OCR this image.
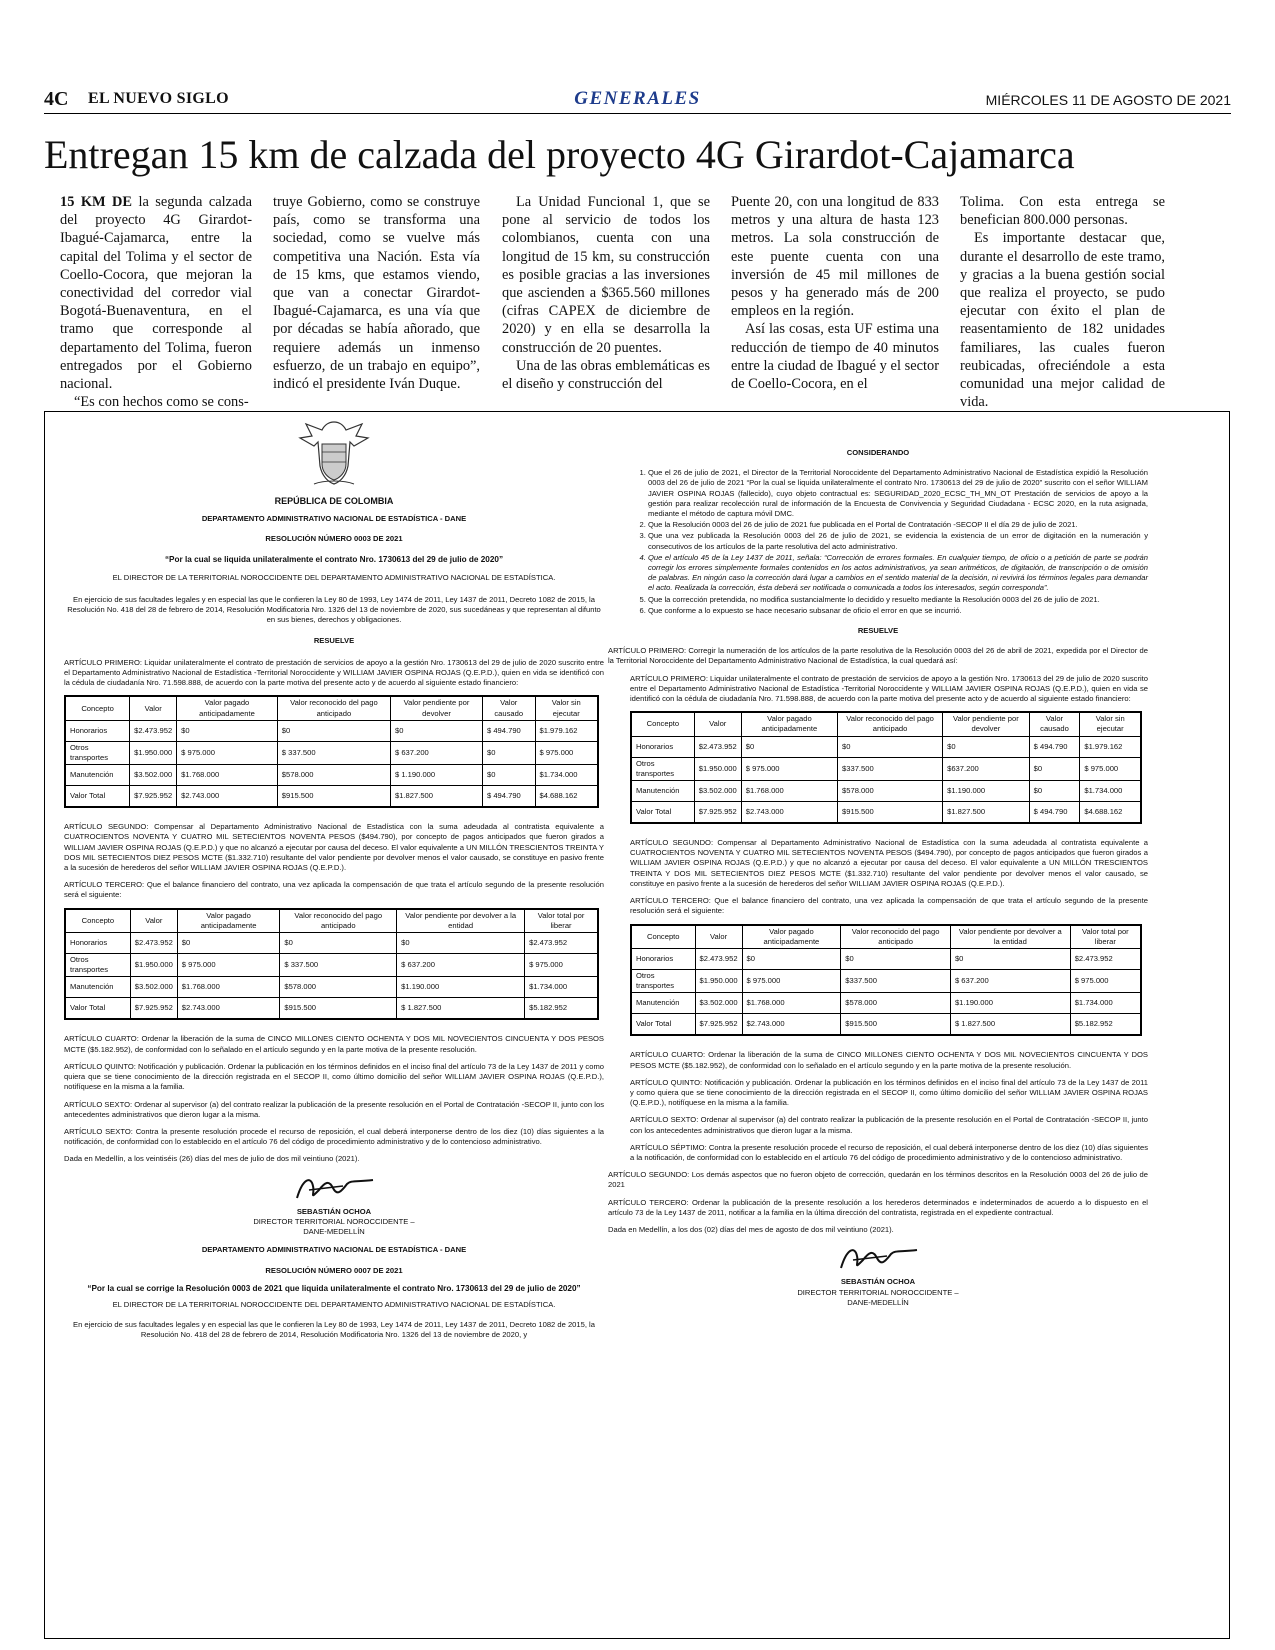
4C EL NUEVO SIGLO	GENERALES	MIÉRCOLES 11 DE AGOSTO DE 2021
Entregan 15 km de calzada del proyecto 4G Girardot-Cajamarca

15 KM DE la segunda calzada del proyecto 4G Girardot-Ibagué-Cajamarca, entre la capital del Tolima y el sector de Coello-Cocora, que mejoran la conectividad del corredor vial Bogotá-Buenaventura, en el tramo que corresponde al departamento del Tolima, fueron entregados por el Gobierno nacional.

“Es con hechos como se cons-

truye Gobierno, como se construye país, como se transforma una sociedad, como se vuelve más competitiva una Nación. Esta vía de 15 kms, que estamos viendo, que van a conectar Girardot-Ibagué-Cajamarca, es una vía que por décadas se había añorado, que requiere además un inmenso esfuerzo, de un trabajo en equipo”, indicó el presidente Iván Duque.

La Unidad Funcional 1, que se pone al servicio de todos los colombianos, cuenta con una longitud de 15 km, su construcción es posible gracias a las inversiones que ascienden a $365.560 millones (cifras CAPEX de diciembre de 2020) y en ella se desarrolla la construcción de 20 puentes.

Una de las obras emblemáticas es el diseño y construcción del

Puente 20, con una longitud de 833 metros y una altura de hasta 123 metros. La sola construcción de este puente cuenta con una inversión de 45 mil millones de pesos y ha generado más de 200 empleos en la región.

Así las cosas, esta UF estima una reducción de tiempo de 40 minutos entre la ciudad de Ibagué y el sector de Coello-Cocora, en el

Tolima. Con esta entrega se benefician 800.000 personas.

Es importante destacar que, durante el desarrollo de este tramo, y gracias a la buena gestión social que realiza el proyecto, se pudo ejecutar con éxito el plan de reasentamiento de 182 unidades familiares, las cuales fueron reubicadas, ofreciéndole a esta comunidad una mejor calidad de vida.

REPÚBLICA DE COLOMBIA
DEPARTAMENTO ADMINISTRATIVO NACIONAL DE ESTADÍSTICA - DANE
RESOLUCIÓN NÚMERO 0003 DE 2021
“Por la cual se liquida unilateralmente el contrato Nro. 1730613 del 29 de julio de 2020”
EL DIRECTOR DE LA TERRITORIAL NOROCCIDENTE DEL DEPARTAMENTO ADMINISTRATIVO NACIONAL DE ESTADÍSTICA.

En ejercicio de sus facultades legales y en especial las que le confieren la Ley 80 de 1993, Ley 1474 de 2011, Ley 1437 de 2011, Decreto 1082 de 2015, la Resolución No. 418 del 28 de febrero de 2014, Resolución Modificatoria Nro. 1326 del 13 de noviembre de 2020, sus sucedáneas y que representan al difunto en sus bienes, derechos y obligaciones.

RESUELVE

ARTÍCULO PRIMERO: Liquidar unilateralmente el contrato de prestación de servicios de apoyo a la gestión Nro. 1730613 del 29 de julio de 2020 suscrito entre el Departamento Administrativo Nacional de Estadística -Territorial Noroccidente y WILLIAM JAVIER OSPINA ROJAS (Q.E.P.D.), quien en vida se identificó con la cédula de ciudadanía Nro. 71.598.888, de acuerdo con la parte motiva del presente acto y de acuerdo al siguiente estado financiero:

Concepto	Valor	Valor pagado anticipadamente	Valor reconocido del pago anticipado	Valor pendiente por devolver	Valor causado	Valor sin ejecutar
Honorarios	$2.473.952	$0	$0	$0	$ 494.790	$1.979.162
Otros transportes	$1.950.000	$ 975.000	$ 337.500	$ 637.200	$0	$ 975.000
Manutención	$3.502.000	$1.768.000	$578.000	$ 1.190.000	$0	$1.734.000
Valor Total	$7.925.952	$2.743.000	$915.500	$1.827.500	$ 494.790	$4.688.162

ARTÍCULO SEGUNDO: Compensar al Departamento Administrativo Nacional de Estadística con la suma adeudada al contratista equivalente a CUATROCIENTOS NOVENTA Y CUATRO MIL SETECIENTOS NOVENTA PESOS ($494.790), por concepto de pagos anticipados que fueron girados a WILLIAM JAVIER OSPINA ROJAS (Q.E.P.D.) y que no alcanzó a ejecutar por causa del deceso. El valor equivalente a UN MILLÓN TRESCIENTOS TREINTA Y DOS MIL SETECIENTOS DIEZ PESOS MCTE ($1.332.710) resultante del valor pendiente por devolver menos el valor causado, se constituye en pasivo frente a la sucesión de herederos del señor WILLIAM JAVIER OSPINA ROJAS (Q.E.P.D.).

ARTÍCULO TERCERO: Que el balance financiero del contrato, una vez aplicada la compensación de que trata el artículo segundo de la presente resolución será el siguiente:

Concepto	Valor	Valor pagado anticipadamente	Valor reconocido del pago anticipado	Valor pendiente por devolver a la entidad	Valor total por liberar
Honorarios	$2.473.952	$0	$0	$0	$2.473.952
Otros transportes	$1.950.000	$ 975.000	$ 337.500	$ 637.200	$ 975.000
Manutención	$3.502.000	$1.768.000	$578.000	$1.190.000	$1.734.000
Valor Total	$7.925.952	$2.743.000	$915.500	$ 1.827.500	$5.182.952

ARTÍCULO CUARTO: Ordenar la liberación de la suma de CINCO MILLONES CIENTO OCHENTA Y DOS MIL NOVECIENTOS CINCUENTA Y DOS PESOS MCTE ($5.182.952), de conformidad con lo señalado en el artículo segundo y en la parte motiva de la presente resolución.

ARTÍCULO QUINTO: Notificación y publicación. Ordenar la publicación en los términos definidos en el inciso final del artículo 73 de la Ley 1437 de 2011 y como quiera que se tiene conocimiento de la dirección registrada en el SECOP II, como último domicilio del señor WILLIAM JAVIER OSPINA ROJAS (Q.E.P.D.), notifíquese en la misma a la familia.

ARTÍCULO SEXTO: Ordenar al supervisor (a) del contrato realizar la publicación de la presente resolución en el Portal de Contratación -SECOP II, junto con los antecedentes administrativos que dieron lugar a la misma.

ARTÍCULO SEXTO: Contra la presente resolución procede el recurso de reposición, el cual deberá interponerse dentro de los diez (10) días siguientes a la notificación, de conformidad con lo establecido en el artículo 76 del código de procedimiento administrativo y de lo contencioso administrativo.

Dada en Medellín, a los veintiséis (26) días del mes de julio de dos mil veintiuno (2021).

SEBASTIÁN OCHOA
DIRECTOR TERRITORIAL NOROCCIDENTE –
DANE-MEDELLÍN
DEPARTAMENTO ADMINISTRATIVO NACIONAL DE ESTADÍSTICA - DANE
RESOLUCIÓN NÚMERO 0007 DE 2021
“Por la cual se corrige la Resolución 0003 de 2021 que liquida unilateralmente el contrato Nro. 1730613 del 29 de julio de 2020”
EL DIRECTOR DE LA TERRITORIAL NOROCCIDENTE DEL DEPARTAMENTO ADMINISTRATIVO NACIONAL DE ESTADÍSTICA.

En ejercicio de sus facultades legales y en especial las que le confieren la Ley 80 de 1993, Ley 1474 de 2011, Ley 1437 de 2011, Decreto 1082 de 2015, la Resolución No. 418 del 28 de febrero de 2014, Resolución Modificatoria Nro. 1326 del 13 de noviembre de 2020, y

CONSIDERANDO
1. Que el 26 de julio de 2021, el Director de la Territorial Noroccidente del Departamento Administrativo Nacional de Estadística expidió la Resolución 0003 del 26 de julio de 2021 “Por la cual se liquida unilateralmente el contrato Nro. 1730613 del 29 de julio de 2020” suscrito con el señor WILLIAM JAVIER OSPINA ROJAS (fallecido), cuyo objeto contractual es: SEGURIDAD_2020_ECSC_TH_MN_OT Prestación de servicios de apoyo a la gestión para realizar recolección rural de información de la Encuesta de Convivencia y Seguridad Ciudadana - ECSC 2020, en la ruta asignada, mediante el método de captura móvil DMC.
2. Que la Resolución 0003 del 26 de julio de 2021 fue publicada en el Portal de Contratación -SECOP II el día 29 de julio de 2021.
3. Que una vez publicada la Resolución 0003 del 26 de julio de 2021, se evidencia la existencia de un error de digitación en la numeración y consecutivos de los artículos de la parte resolutiva del acto administrativo.
4. Que el artículo 45 de la Ley 1437 de 2011, señala: “Corrección de errores formales. En cualquier tiempo, de oficio o a petición de parte se podrán corregir los errores simplemente formales contenidos en los actos administrativos, ya sean aritméticos, de digitación, de transcripción o de omisión de palabras. En ningún caso la corrección dará lugar a cambios en el sentido material de la decisión, ni revivirá los términos legales para demandar el acto. Realizada la corrección, ésta deberá ser notificada o comunicada a todos los interesados, según corresponda”.
5. Que la corrección pretendida, no modifica sustancialmente lo decidido y resuelto mediante la Resolución 0003 del 26 de julio de 2021.
6. Que conforme a lo expuesto se hace necesario subsanar de oficio el error en que se incurrió.
RESUELVE

ARTÍCULO PRIMERO: Corregir la numeración de los artículos de la parte resolutiva de la Resolución 0003 del 26 de abril de 2021, expedida por el Director de la Territorial Noroccidente del Departamento Administrativo Nacional de Estadística, la cual quedará así:

ARTÍCULO PRIMERO: Liquidar unilateralmente el contrato de prestación de servicios de apoyo a la gestión Nro. 1730613 del 29 de julio de 2020 suscrito entre el Departamento Administrativo Nacional de Estadística -Territorial Noroccidente y WILLIAM JAVIER OSPINA ROJAS (Q.E.P.D.), quien en vida se identificó con la cédula de ciudadanía Nro. 71.598.888, de acuerdo con la parte motiva del presente acto y de acuerdo al siguiente estado financiero:

Concepto	Valor	Valor pagado anticipadamente	Valor reconocido del pago anticipado	Valor pendiente por devolver	Valor causado	Valor sin ejecutar
Honorarios	$2.473.952	$0	$0	$0	$ 494.790	$1.979.162
Otros transportes	$1.950.000	$ 975.000	$337.500	$637.200	$0	$ 975.000
Manutención	$3.502.000	$1.768.000	$578.000	$1.190.000	$0	$1.734.000
Valor Total	$7.925.952	$2.743.000	$915.500	$1.827.500	$ 494.790	$4.688.162

ARTÍCULO SEGUNDO: Compensar al Departamento Administrativo Nacional de Estadística con la suma adeudada al contratista equivalente a CUATROCIENTOS NOVENTA Y CUATRO MIL SETECIENTOS NOVENTA PESOS ($494.790), por concepto de pagos anticipados que fueron girados a WILLIAM JAVIER OSPINA ROJAS (Q.E.P.D.) y que no alcanzó a ejecutar por causa del deceso. El valor equivalente a UN MILLÓN TRESCIENTOS TREINTA Y DOS MIL SETECIENTOS DIEZ PESOS MCTE ($1.332.710) resultante del valor pendiente por devolver menos el valor causado, se constituye en pasivo frente a la sucesión de herederos del señor WILLIAM JAVIER OSPINA ROJAS (Q.E.P.D.).

ARTÍCULO TERCERO: Que el balance financiero del contrato, una vez aplicada la compensación de que trata el artículo segundo de la presente resolución será el siguiente:

Concepto	Valor	Valor pagado anticipadamente	Valor reconocido del pago anticipado	Valor pendiente por devolver a la entidad	Valor total por liberar
Honorarios	$2.473.952	$0	$0	$0	$2.473.952
Otros transportes	$1.950.000	$ 975.000	$337.500	$ 637.200	$ 975.000
Manutención	$3.502.000	$1.768.000	$578.000	$1.190.000	$1.734.000
Valor Total	$7.925.952	$2.743.000	$915.500	$ 1.827.500	$5.182.952

ARTÍCULO CUARTO: Ordenar la liberación de la suma de CINCO MILLONES CIENTO OCHENTA Y DOS MIL NOVECIENTOS CINCUENTA Y DOS PESOS MCTE ($5.182.952), de conformidad con lo señalado en el artículo segundo y en la parte motiva de la presente resolución.

ARTÍCULO QUINTO: Notificación y publicación. Ordenar la publicación en los términos definidos en el inciso final del artículo 73 de la Ley 1437 de 2011 y como quiera que se tiene conocimiento de la dirección registrada en el SECOP II, como último domicilio del señor WILLIAM JAVIER OSPINA ROJAS (Q.E.P.D.), notifíquese en la misma a la familia.

ARTÍCULO SEXTO: Ordenar al supervisor (a) del contrato realizar la publicación de la presente resolución en el Portal de Contratación -SECOP II, junto con los antecedentes administrativos que dieron lugar a la misma.

ARTÍCULO SÉPTIMO: Contra la presente resolución procede el recurso de reposición, el cual deberá interponerse dentro de los diez (10) días siguientes a la notificación, de conformidad con lo establecido en el artículo 76 del código de procedimiento administrativo y de lo contencioso administrativo.

ARTÍCULO SEGUNDO: Los demás aspectos que no fueron objeto de corrección, quedarán en los términos descritos en la Resolución 0003 del 26 de julio de 2021

ARTÍCULO TERCERO: Ordenar la publicación de la presente resolución a los herederos determinados e indeterminados de acuerdo a lo dispuesto en el artículo 73 de la Ley 1437 de 2011, notificar a la familia en la última dirección del contratista, registrada en el expediente contractual.

Dada en Medellín, a los dos (02) días del mes de agosto de dos mil veintiuno (2021).

SEBASTIÁN OCHOA
DIRECTOR TERRITORIAL NOROCCIDENTE –
DANE-MEDELLÍN
